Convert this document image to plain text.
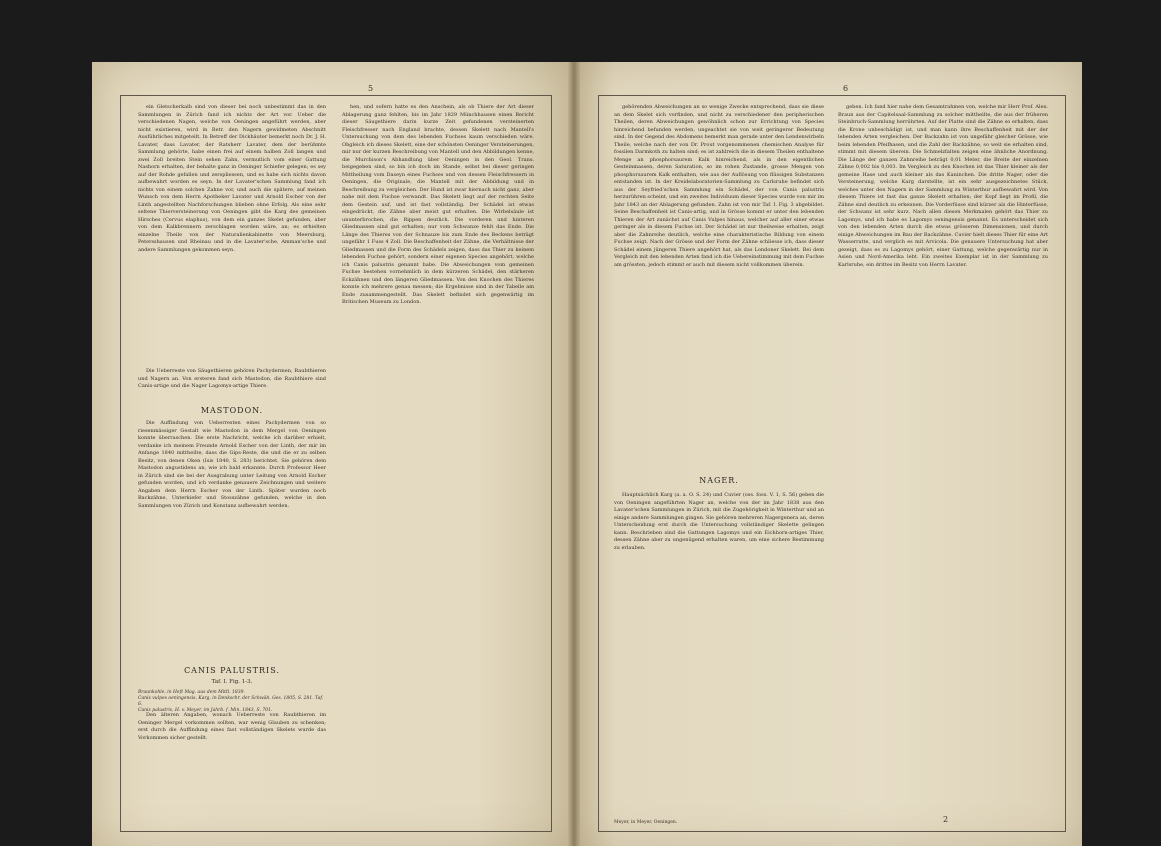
5	6

ein Gletscherkalb sind von dieser bei noch unbestimmt das in den Sammlungen in Zürich fand ich nichts der Art vor. Ueber die verschiedenen Nagen, welche von Oeningen angeführt werden, aber nicht existieren, wird in Betr. den Nagern gewidmeten Abschnitt Ausführliches mitgeteilt. In Betreff der Dickhäuter bemerkt noch Dr. J. H. Lavater, dass Lavater, der Ratsherr Lavater, dem der berühmte Sammlung gehörte, habe einen frei auf einem halben Zoll langen und zwei Zoll breiten Stein sehen Zahn, vermutlich vom einer Gattung Nashorn erhalten, der behalte ganz in Oeninger Schiefer gelegen; es sey auf der Rohde gefallen und zerspliessen, und es habe sich nichts davon aufbewahrt worden es seyn. In der Lavater'schen Sammlung fand ich nichts von einem solchen Zahne vor, und auch die spätere, auf meinen Wunsch von dem Herrn Apotheker Lavater und Arnold Escher von der Linth angestellten Nachforschungen blieben ohne Erfolg. Als eine sehr seltene Thierversteinerung von Oeningen gibt die Karg des gemeinen Hirsches (Cervus elaphus), von dem ein ganzes Skelet gefunden, aber von dem Kalkbrennern zerschlagen worden wäre, an; es erhielten einzelne Theile von der Naturalienkabinette von Meersburg, Petersshausen und Rheinau und in die Lavater'sche, Amman'sche und andere Sammlungen gekommen seyn.

Die Ueberreste von Säugethieren gehören Pachydermen, Raubthieren und Nagern an. Von ersteren fand sich Mastodon, die Raubthiere sind Canis-artige und die Nager Lagomys-artige Thiere.

MASTODON.

Die Auffindung von Ueberresten eines Pachydermen von so riesenmässiger Gestalt wie Mastodon in dem Mergel von Oeningen konnte überraschen. Die erste Nachricht, welche ich darüber erhielt, verdanke ich meinem Freunde Arnold Escher von der Linth, der mir im Anfange 1840 mittheilte, dass die Gips-Reste, die und die er zu selben Besitz, von denen Oken (Isis 1840, S. 283) berichtet. Sie gehören dem Mastodon angustidens an, wie ich bald erkannte. Durch Professor Heer in Zürich sind sie bei der Ausgrabung unter Leitung von Arnold Escher gefunden worden, und ich verdanke genauere Zeichnungen und weitere Angaben dem Herrn Escher von der Linth. Später wurden noch Backzähne, Unterkiefer und Stosszähne gefunden, welche in den Sammlungen von Zürich und Konstanz aufbewahrt werden.

CANIS PALUSTRIS.
Taf. I. Fig. 1-3.
Braunkohle, in Heft Mag. aus dem Mittl. 1839.
Canis vulpes oeningensis, Karg, in Denkschr. der Schwäb. Ges. 1805, S. 281. Taf. 6.
Canis palustris, H. v. Meyer, im Jahrb. f. Min. 1843, S. 701.

Den älteren Angaben, wonach Ueberreste von Raubthieren im Oeninger Mergel vorkommen sollten, war wenig Glauben zu schenken; erst durch die Auffindung eines fast vollständigen Skelets wurde das Vorkommen sicher gestellt.

hen, und sofern hatte es den Anschein, als ob Thiere der Art dieser Ablagerung ganz fehlten, bis im Jahr 1829 Münchhausen einen Bericht dieser Säugethiere darin kurze Zeit gefundenen versteinerten Fleischfresser nach England brachte, dessen Skelett nach Mantell's Untersuchung von dem des lebenden Fuchses kaum verschieden wäre. Obgleich ich dieses Skelett, eine der schönsten Oeninger Versteinerungen, mir nur der kurzen Beschreibung von Mantell und den Abbildungen kenne, die Murchison's Abhandlung über Oeningen in den Geol. Trans. beigegeben sind, so bin ich doch im Stande, selbst bei dieser geringen Mittheilung vom Daseyn eines Fuchses und von dessen Fleischfressern in Oeningen, die Originale, die Mantell mit der Abbildung und in Beschreibung zu vergleichen. Der Hund ist zwar hiernach nicht ganz, aber nahe mit dem Fuchse verwandt. Das Skelett liegt auf der rechten Seite dem Gestein auf, und ist fast vollständig. Der Schädel ist etwas eingedrückt, die Zähne aber meist gut erhalten. Die Wirbelsäule ist ununterbrochen, die Rippen deutlich. Die vorderen und hinteren Gliedmassen sind gut erhalten; nur vom Schwanze fehlt das Ende. Die Länge des Thieres von der Schnauze bis zum Ende des Beckens beträgt ungefähr 1 Fuss 4 Zoll. Die Beschaffenheit der Zähne, die Verhältnisse der Gliedmassen und die Form des Schädels zeigen, dass das Thier zu keinem lebenden Fuchse gehört, sondern einer eigenen Species angehört, welche ich Canis palustris genannt habe. Die Abweichungen vom gemeinen Fuchse bestehen vornehmlich in dem kürzeren Schädel, den stärkeren Eckzähnen und den längeren Gliedmassen. Von den Knochen des Thieres konnte ich mehrere genau messen; die Ergebnisse sind in der Tabelle am Ende zusammengestellt. Das Skelett befindet sich gegenwärtig im Britischen Museum zu London.

gehörenden Abweichungen an so wenige Zwecke entsprechend, dass sie diese an dem Skelet sich vorfinden, und nicht zu verschiedener den peripherischen Theilen, deren Abweichungen gewöhnlich schon zur Errichtung von Species hinreichend befunden werden, ungeachtet sie von weit geringerer Bedeutung sind. In der Gegend des Abdomens bemerkt man gerade unter den Lendenwirbeln Theile, welche nach der von Dr. Prout vorgenommenen chemischen Analyse für fossilen Darmkoth zu halten sind; es ist zahlreich die in diesem Theilen enthaltene Menge an phosphorsaurem Kalk hinreichend, als in den eigentlichen Gesteinmassen, deren Saturation, so im rohen Zustande, grosse Mengen von phosphorsaurem Kalk enthalten, wie aus der Auflösung von flüssigen Substanzen entstanden ist. In der Kreidelaboratorien-Sammlung zu Carlsruhe befindet sich aus der Seyfried'schen Sammlung ein Schädel, der von Canis palustris herzurühren scheint, und ein zweites Individuum dieser Species wurde von mir im Jahr 1843 an der Ablagerung gefunden. Zahn ist von mir Taf. I. Fig. 3 abgebildet. Seine Beschaffenheit ist Canis-artig, und in Grösse kommt er unter den lebenden Thieren der Art zunächst auf Canis Vulpes hinaus, welcher auf aller einer etwas geringer als in diesem Fuchse ist. Der Schädel ist nur theilweise erhalten, zeigt aber die Zahnreihe deutlich, welche eine charakteristische Bildung von einem Fuchse zeigt. Nach der Grösse und der Form der Zähne schliesse ich, dass dieser Schädel einem jüngeren Thiere angehört hat, als das Londoner Skelett. Bei dem Vergleich mit den lebenden Arten fand ich die Uebereinstimmung mit dem Fuchse am grössten, jedoch stimmt er auch mit diesem nicht vollkommen überein.

NAGER.

Hauptsächlich Karg (a. a. O. S. 24) und Cuvier (oss. foss. V. 1, S. 56) geben die von Oeningen angeführten Nager an, welche von der im Jahr 1838 aus den Lavater'schen Sammlungen in Zürich, mit die Zugehörigkeit in Winterthur und an einige andere Sammlungen gingen. Sie gehören mehreren Nagergenera an, deren Unterscheidung erst durch die Untersuchung vollständiger Skelette gelingen kann. Beschrieben sind die Gattungen Lagomys und ein Eichhorn-artiges Thier, dessen Zähne aber zu ungenügend erhalten waren, um eine sichere Bestimmung zu erlauben.

Meyer, in Meyer, Oeningen.

geben. Ich fand hier nahe dem Gesamtrahmen von, welche mir Herr Prof. Alex. Braun aus der Capitelsaal-Sammlung zu solcher mittheilte, die aus der früheren Steinbruch-Sammlung herrührten. Auf der Platte sind die Zähne so erhalten, dass die Krone unbeschädigt ist, und man kann ihre Beschaffenheit mit der der lebenden Arten vergleichen. Der Backzahn ist von ungefähr gleicher Grösse, wie beim lebenden Pfeifhasen, und die Zahl der Backzähne, so weit sie erhalten sind, stimmt mit diesem überein. Die Schmelzfalten zeigen eine ähnliche Anordnung. Die Länge der ganzen Zahnreihe beträgt 0,01 Meter, die Breite der einzelnen Zähne 0,002 bis 0,003. Im Vergleich zu den Knochen ist das Thier kleiner als der gemeine Hase und auch kleiner als das Kaninchen. Die dritte Nager, oder die Versteinerung, welche Karg darstellte, ist ein sehr ausgezeichnetes Stück, welches unter den Nagern in der Sammlung zu Winterthur aufbewahrt wird. Von diesem Thiere ist fast das ganze Skelett erhalten; der Kopf liegt im Profil, die Zähne sind deutlich zu erkennen. Die Vorderfüsse sind kürzer als die Hinterfüsse, der Schwanz ist sehr kurz. Nach allen diesen Merkmalen gehört das Thier zu Lagomys, und ich habe es Lagomys oeningensis genannt. Es unterscheidet sich von den lebenden Arten durch die etwas grösseren Dimensionen, und durch einige Abweichungen im Bau der Backzähne. Cuvier hielt dieses Thier für eine Art Wasserratte, und verglich es mit Arvicola. Die genauere Untersuchung hat aber gezeigt, dass es zu Lagomys gehört, einer Gattung, welche gegenwärtig nur in Asien und Nord-Amerika lebt. Ein zweites Exemplar ist in der Sammlung zu Karlsruhe, ein drittes im Besitz von Herrn Lavater.

2
